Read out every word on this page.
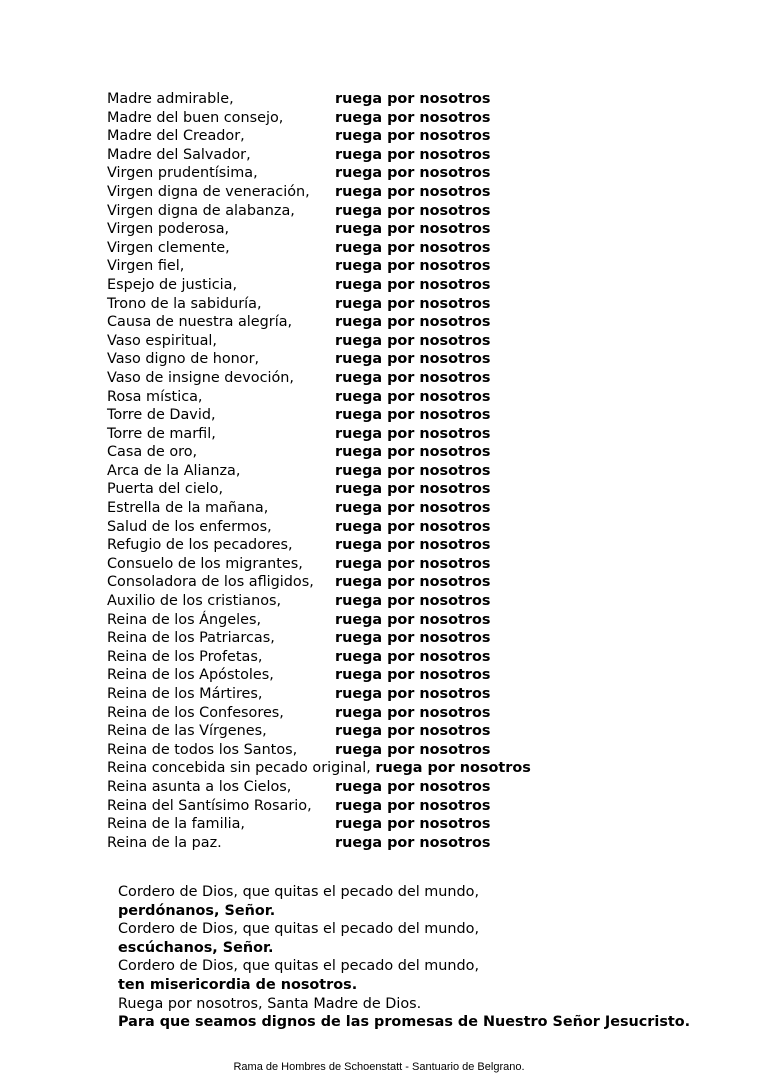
Madre admirable,	ruega por nosotros
Madre del buen consejo,	ruega por nosotros
Madre del Creador,	ruega por nosotros
Madre del Salvador,	ruega por nosotros
Virgen prudentísima,	ruega por nosotros
Virgen digna de veneración, ruega por nosotros
Virgen digna de alabanza,	ruega por nosotros
Virgen poderosa,	ruega por nosotros
Virgen clemente,	ruega por nosotros
Virgen fiel,	ruega por nosotros
Espejo de justicia,	ruega por nosotros
Trono de la sabiduría,	ruega por nosotros
Causa de nuestra alegría,	ruega por nosotros
Vaso espiritual,	ruega por nosotros
Vaso digno de honor,	ruega por nosotros
Vaso de insigne devoción,	ruega por nosotros
Rosa mística,	ruega por nosotros
Torre de David,	ruega por nosotros
Torre de marfil,	ruega por nosotros
Casa de oro,	ruega por nosotros
Arca de la Alianza,	ruega por nosotros
Puerta del cielo,	ruega por nosotros
Estrella de la mañana,	ruega por nosotros
Salud de los enfermos,	ruega por nosotros
Refugio de los pecadores,	ruega por nosotros
Consuelo de los migrantes, ruega por nosotros
Consoladora de los afligidos, ruega por nosotros
Auxilio de los cristianos,	ruega por nosotros
Reina de los Ángeles,	ruega por nosotros
Reina de los Patriarcas,	ruega por nosotros
Reina de los Profetas,	ruega por nosotros
Reina de los Apóstoles,	ruega por nosotros
Reina de los Mártires,	ruega por nosotros
Reina de los Confesores,	ruega por nosotros
Reina de las Vírgenes,	ruega por nosotros
Reina de todos los Santos,	ruega por nosotros
Reina concebida sin pecado original, ruega por nosotros
Reina asunta a los Cielos,	ruega por nosotros
Reina del Santísimo Rosario, ruega por nosotros
Reina de la familia,	ruega por nosotros
Reina de la paz.	ruega por nosotros
Cordero de Dios, que quitas el pecado del mundo,
perdónanos, Señor.
Cordero de Dios, que quitas el pecado del mundo,
escúchanos, Señor.
Cordero de Dios, que quitas el pecado del mundo,
ten misericordia de nosotros.
Ruega por nosotros, Santa Madre de Dios.
Para que seamos dignos de las promesas de Nuestro Señor Jesucristo.
Rama de Hombres de Schoenstatt - Santuario de Belgrano.
